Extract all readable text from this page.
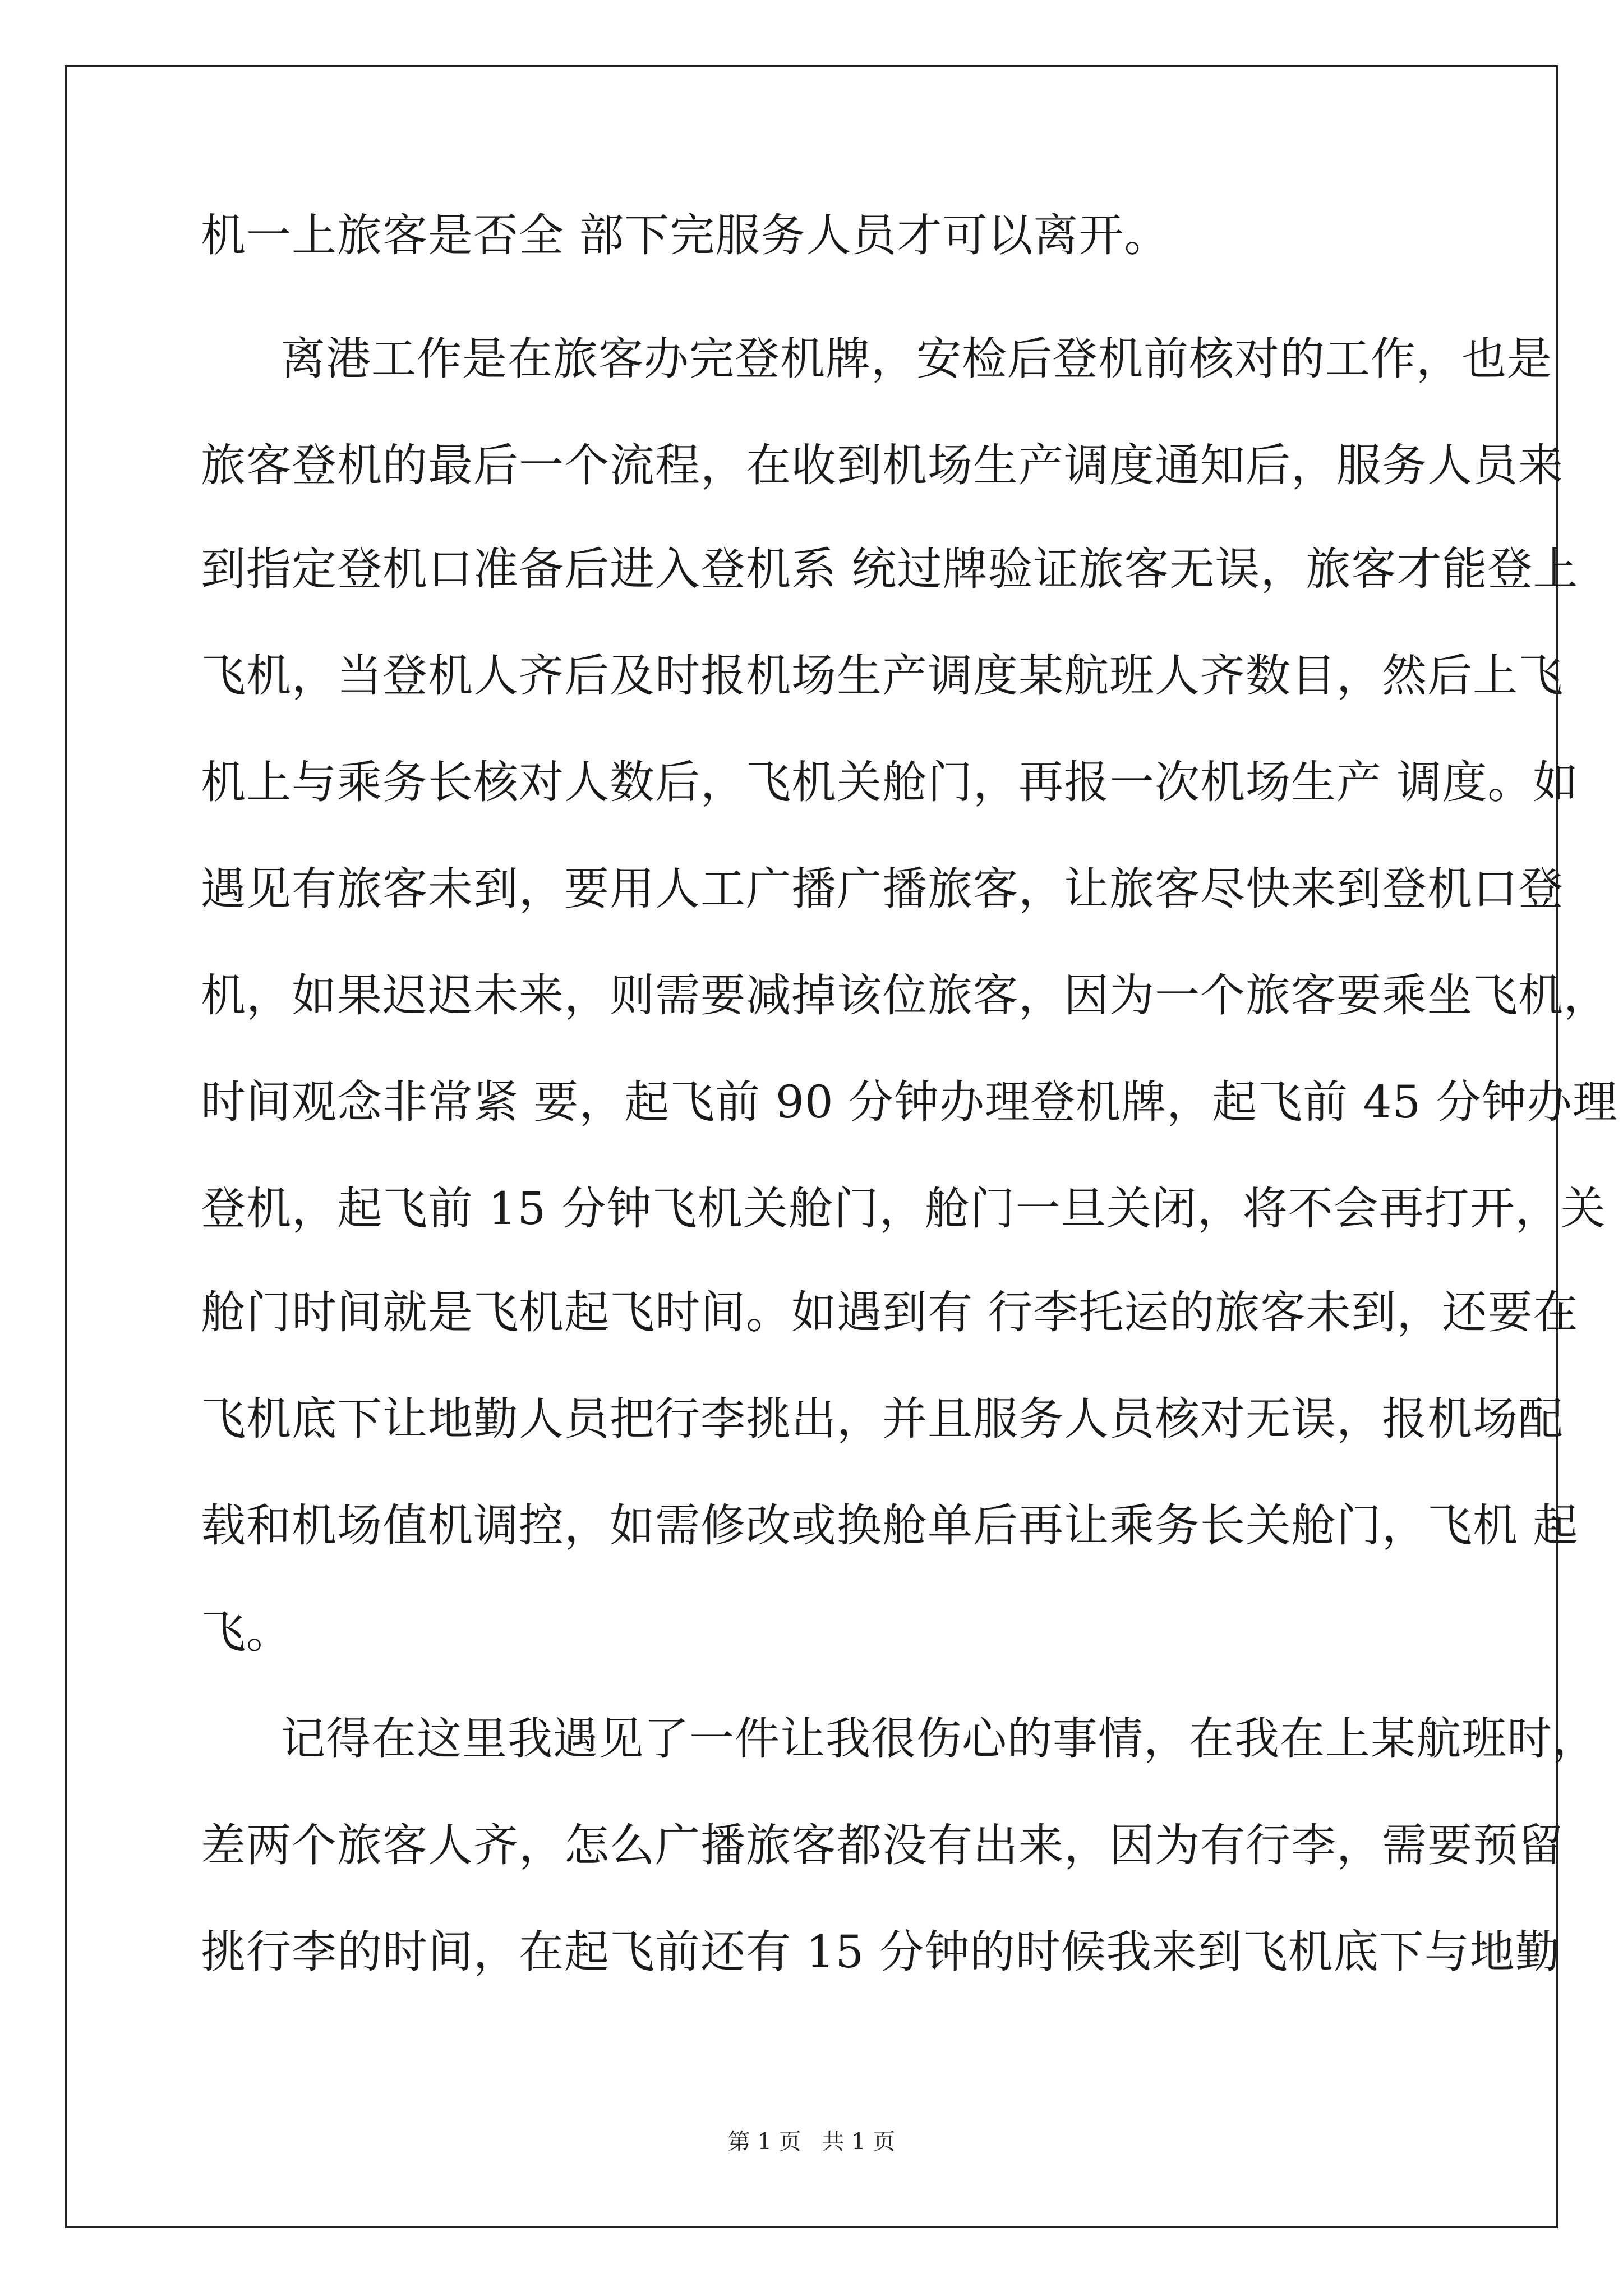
机一上旅客是否全 部下完服务人员才可以离开。
离港工作是在旅客办完登机牌，安检后登机前核对的工作，也是
旅客登机的最后一个流程，在收到机场生产调度通知后，服务人员来
到指定登机口准备后进入登机系 统过牌验证旅客无误，旅客才能登上
飞机，当登机人齐后及时报机场生产调度某航班人齐数目，然后上飞
机上与乘务长核对人数后，飞机关舱门，再报一次机场生产 调度。如
遇见有旅客未到，要用人工广播广播旅客，让旅客尽快来到登机口登
机，如果迟迟未来，则需要减掉该位旅客，因为一个旅客要乘坐飞机，
时间观念非常紧 要，起飞前 90 分钟办理登机牌，起飞前 45 分钟办理
登机，起飞前 15 分钟飞机关舱门，舱门一旦关闭，将不会再打开，关
舱门时间就是飞机起飞时间。如遇到有 行李托运的旅客未到，还要在
飞机底下让地勤人员把行李挑出，并且服务人员核对无误，报机场配
载和机场值机调控，如需修改或换舱单后再让乘务长关舱门，飞机 起
飞。
记得在这里我遇见了一件让我很伤心的事情，在我在上某航班时，
差两个旅客人齐，怎么广播旅客都没有出来，因为有行李，需要预留
挑行李的时间，在起飞前还有 15 分钟的时候我来到飞机底下与地勤
第 1 页 共 1 页
